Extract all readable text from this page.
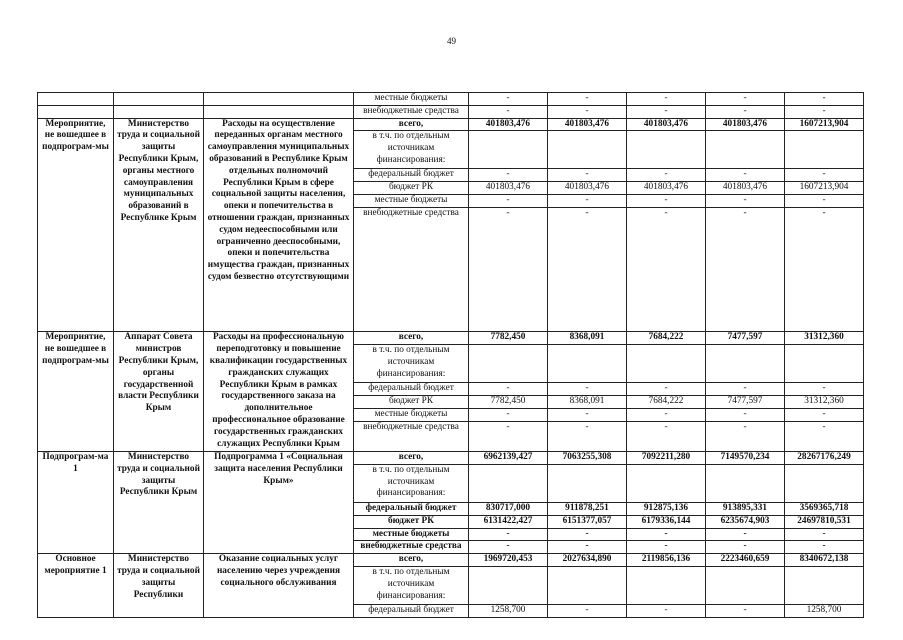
49
			местные бюджеты	-	-	-	-	-
			внебюджетные средства	-	-	-	-	-
Мероприятие, не вошедшее в подпрограм-мы	Министерство труда и социальной защиты Республики Крым, органы местного самоуправления муниципальных образований в Республике Крым	Расходы на осуществление переданных органам местного самоуправления муниципальных образований в Республике Крым отдельных полномочий Республики Крым в сфере социальной защиты населения, опеки и попечительства в отношении граждан, признанных судом недееспособными или ограниченно дееспособными, опеки и попечительства имущества граждан, признанных судом безвестно отсутствующими	всего,	401803,476	401803,476	401803,476	401803,476	1607213,904
			в т.ч. по отдельным источникам финансирования:					
			федеральный бюджет	-	-	-	-	-
			бюджет РК	401803,476	401803,476	401803,476	401803,476	1607213,904
			местные бюджеты	-	-	-	-	-
			внебюджетные средства	-	-	-	-	-
Мероприятие, не вошедшее в подпрограм-мы	Аппарат Совета министров Республики Крым, органы государственной власти Республики Крым	Расходы на профессиональную переподготовку и повышение квалификации государственных гражданских служащих Республики Крым в рамках государственного заказа на дополнительное профессиональное образование государственных гражданских служащих Республики Крым	всего,	7782,450	8368,091	7684,222	7477,597	31312,360
			в т.ч. по отдельным источникам финансирования:					
			федеральный бюджет	-	-	-	-	-
			бюджет РК	7782,450	8368,091	7684,222	7477,597	31312,360
			местные бюджеты	-	-	-	-	-
			внебюджетные средства	-	-	-	-	-
Подпрограм-ма 1	Министерство труда и социальной защиты Республики Крым	Подпрограмма 1 «Социальная защита населения Республики Крым»	всего,	6962139,427	7063255,308	7092211,280	7149570,234	28267176,249
			в т.ч. по отдельным источникам финансирования:					
			федеральный бюджет	830717,000	911878,251	912875,136	913895,331	3569365,718
			бюджет РК	6131422,427	6151377,057	6179336,144	6235674,903	24697810,531
			местные бюджеты	-	-	-	-	-
			внебюджетные средства	-	-	-	-	-
Основное мероприятие 1	Министерство труда и социальной защиты Республики	Оказание социальных услуг населению через учреждения социального обслуживания	всего,	1969720,453	2027634,890	2119856,136	2223460,659	8340672,138
			в т.ч. по отдельным источникам финансирования:					
			федеральный бюджет	1258,700	-	-	-	1258,700
